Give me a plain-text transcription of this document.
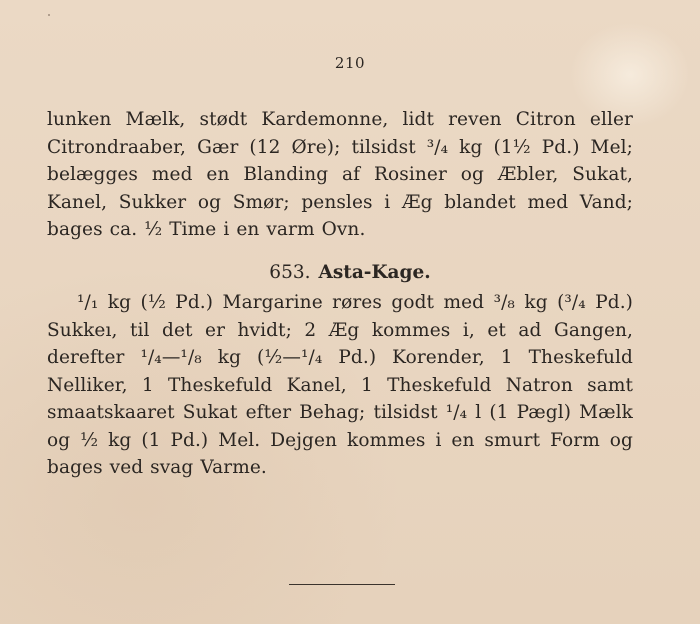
210

lunken Mælk, stødt Kardemonne, lidt reven Citron eller Citrondraaber, Gær (12 Øre); tilsidst ³/₄ kg (1½ Pd.) Mel; belægges med en Blanding af Rosiner og Æbler, Sukat, Kanel, Sukker og Smør; pensles i Æg blandet med Vand; bages ca. ½ Time i en varm Ovn.

653. Asta-Kage.

¹/₁ kg (½ Pd.) Margarine røres godt med ³/₈ kg (³/₄ Pd.) Sukkeı, til det er hvidt; 2 Æg kommes i, et ad Gangen, derefter ¹/₄—¹/₈ kg (½—¹/₄ Pd.) Korender, 1 Theskefuld Nelliker, 1 Theskefuld Kanel, 1 Theskefuld Natron samt smaatskaaret Sukat efter Behag; tilsidst ¹/₄ l (1 Pægl) Mælk og ½ kg (1 Pd.) Mel. Dejgen kommes i en smurt Form og bages ved svag Varme.
